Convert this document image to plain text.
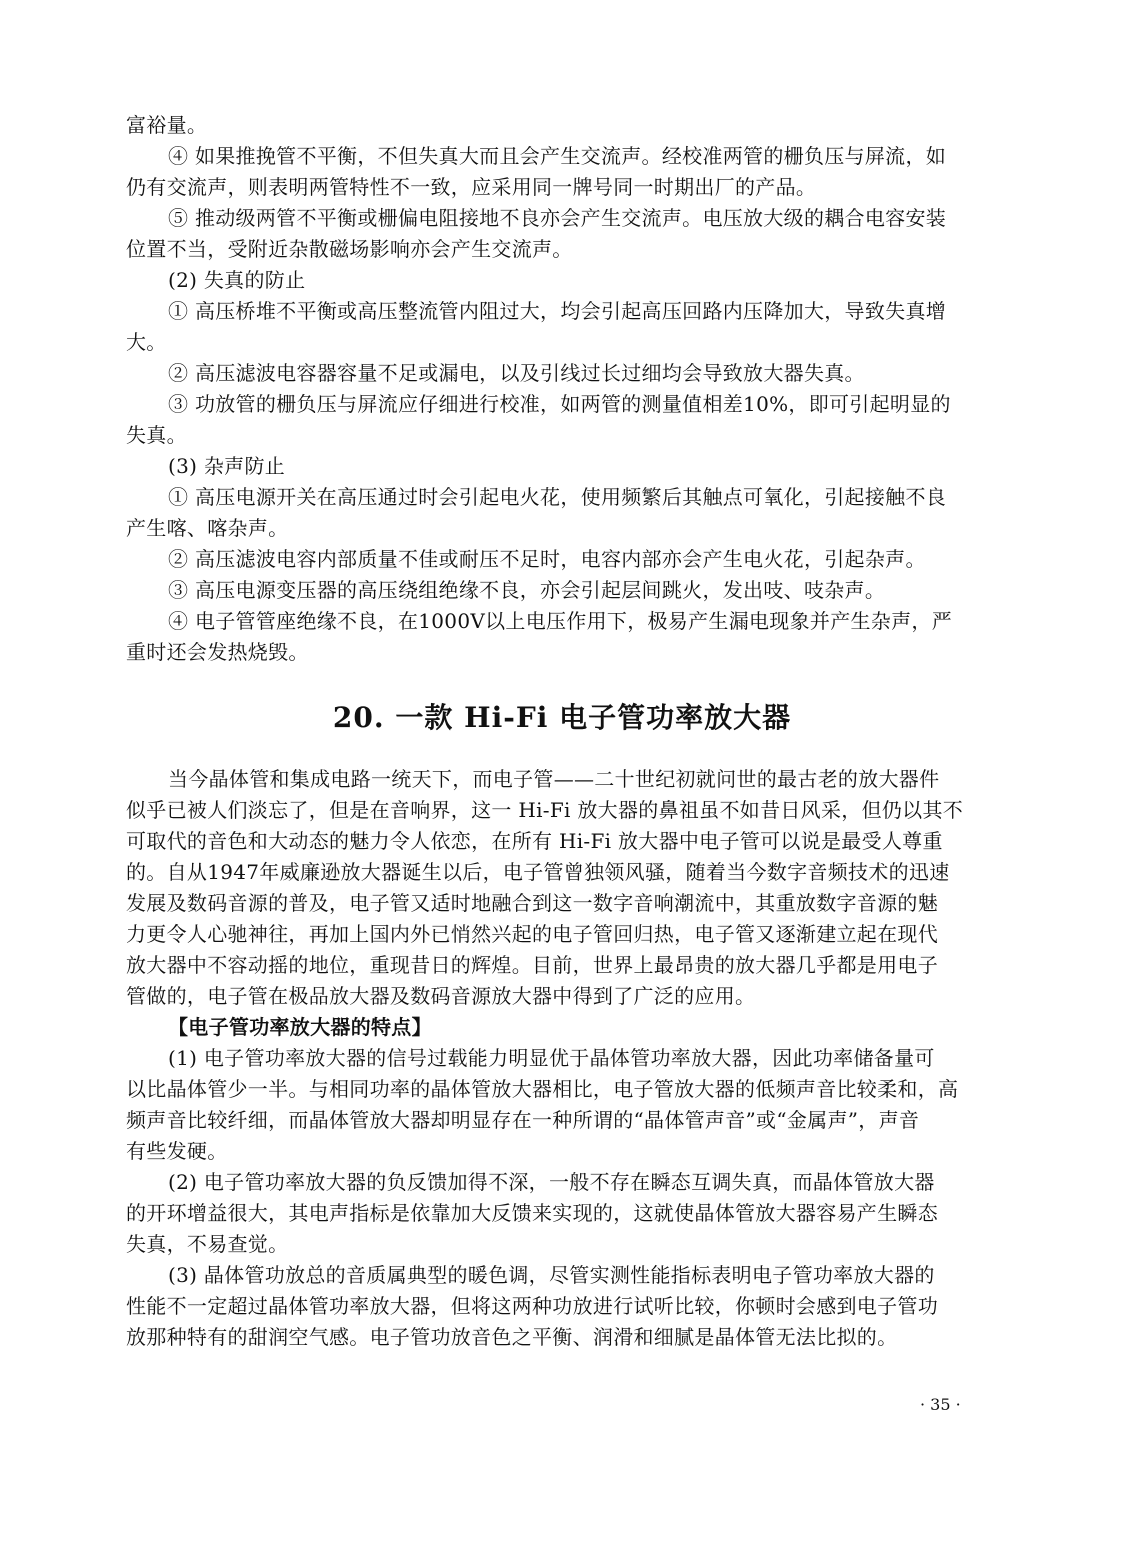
富裕量。
④ 如果推挽管不平衡，不但失真大而且会产生交流声。经校准两管的栅负压与屏流，如
仍有交流声，则表明两管特性不一致，应采用同一牌号同一时期出厂的产品。
⑤ 推动级两管不平衡或栅偏电阻接地不良亦会产生交流声。电压放大级的耦合电容安装
位置不当，受附近杂散磁场影响亦会产生交流声。
(2) 失真的防止
① 高压桥堆不平衡或高压整流管内阻过大，均会引起高压回路内压降加大，导致失真增
大。
② 高压滤波电容器容量不足或漏电，以及引线过长过细均会导致放大器失真。
③ 功放管的栅负压与屏流应仔细进行校准，如两管的测量值相差10%，即可引起明显的
失真。
(3) 杂声防止
① 高压电源开关在高压通过时会引起电火花，使用频繁后其触点可氧化，引起接触不良
产生喀、喀杂声。
② 高压滤波电容内部质量不佳或耐压不足时，电容内部亦会产生电火花，引起杂声。
③ 高压电源变压器的高压绕组绝缘不良，亦会引起层间跳火，发出吱、吱杂声。
④ 电子管管座绝缘不良，在1000V以上电压作用下，极易产生漏电现象并产生杂声，严
重时还会发热烧毁。
20. 一款 Hi-Fi 电子管功率放大器
当今晶体管和集成电路一统天下，而电子管——二十世纪初就问世的最古老的放大器件
似乎已被人们淡忘了，但是在音响界，这一 Hi-Fi 放大器的鼻祖虽不如昔日风采，但仍以其不
可取代的音色和大动态的魅力令人依恋，在所有 Hi-Fi 放大器中电子管可以说是最受人尊重
的。自从1947年威廉逊放大器诞生以后，电子管曾独领风骚，随着当今数字音频技术的迅速
发展及数码音源的普及，电子管又适时地融合到这一数字音响潮流中，其重放数字音源的魅
力更令人心驰神往，再加上国内外已悄然兴起的电子管回归热，电子管又逐渐建立起在现代
放大器中不容动摇的地位，重现昔日的辉煌。目前，世界上最昂贵的放大器几乎都是用电子
管做的，电子管在极品放大器及数码音源放大器中得到了广泛的应用。
【电子管功率放大器的特点】
(1) 电子管功率放大器的信号过载能力明显优于晶体管功率放大器，因此功率储备量可
以比晶体管少一半。与相同功率的晶体管放大器相比，电子管放大器的低频声音比较柔和，高
频声音比较纤细，而晶体管放大器却明显存在一种所谓的“晶体管声音”或“金属声”，声音
有些发硬。
(2) 电子管功率放大器的负反馈加得不深，一般不存在瞬态互调失真，而晶体管放大器
的开环增益很大，其电声指标是依靠加大反馈来实现的，这就使晶体管放大器容易产生瞬态
失真，不易查觉。
(3) 晶体管功放总的音质属典型的暖色调，尽管实测性能指标表明电子管功率放大器的
性能不一定超过晶体管功率放大器，但将这两种功放进行试听比较，你顿时会感到电子管功
放那种特有的甜润空气感。电子管功放音色之平衡、润滑和细腻是晶体管无法比拟的。
· 35 ·
